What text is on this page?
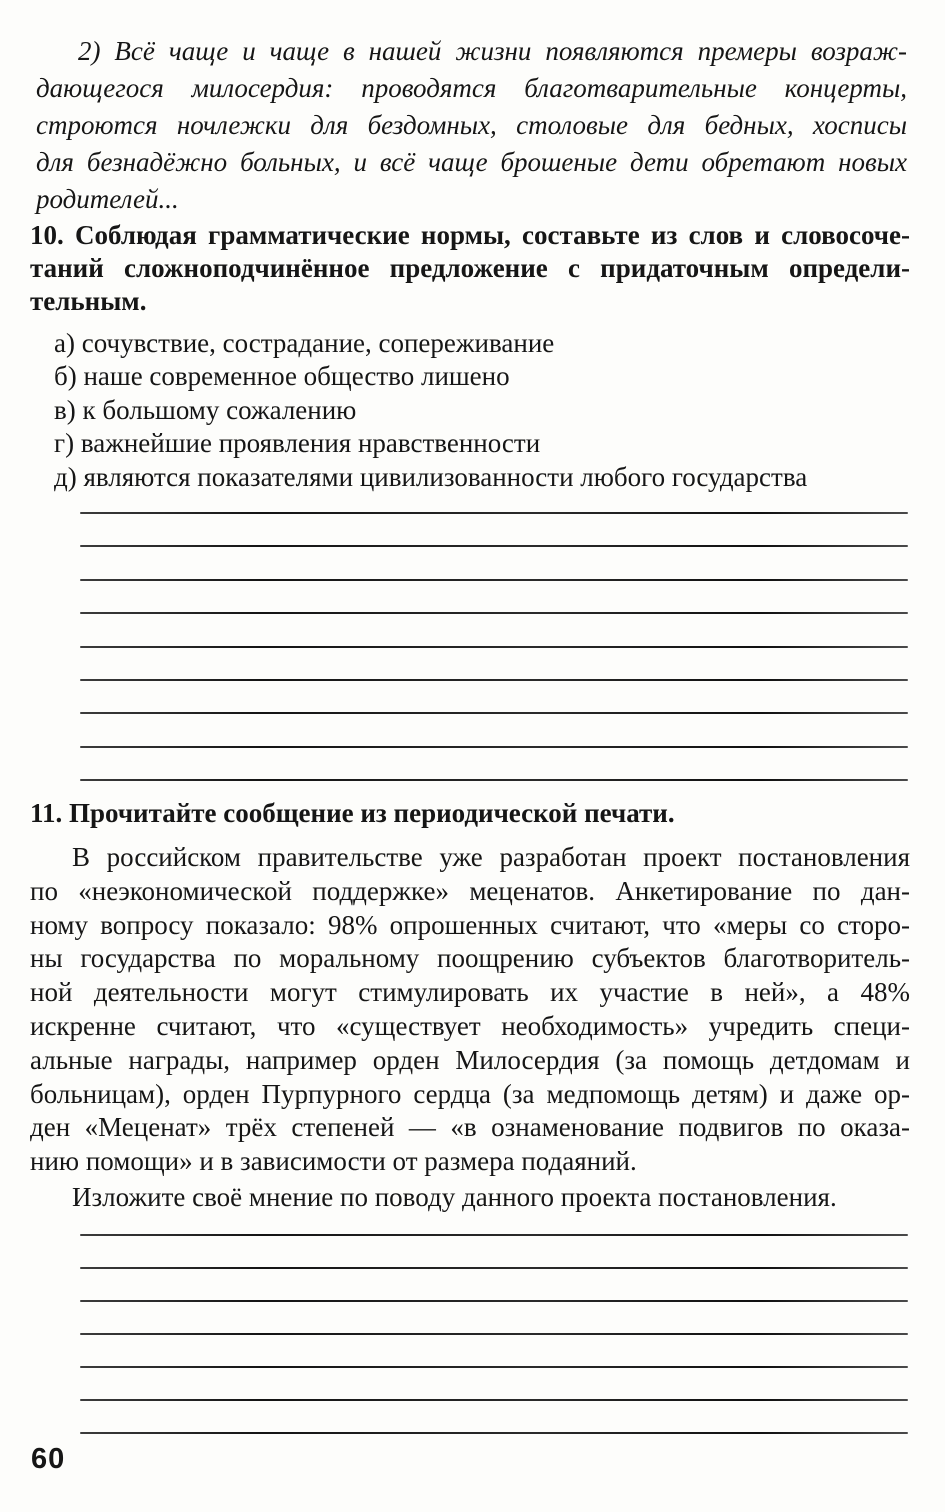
2) Всё чаще и чаще в нашей жизни появляются премеры возраж-
дающегося милосердия: проводятся благотварительные концерты,
строются ночлежки для бездомных, столовые для бедных, хосписы
для безнадёжно больных, и всё чаще брошеные дети обретают новых
родителей...
10. Соблюдая грамматические нормы, составьте из слов и словосоче-
таний сложноподчинённое предложение с придаточным определи-
тельным.
а) сочувствие, сострадание, сопереживание
б) наше современное общество лишено
в) к большому сожалению
г) важнейшие проявления нравственности
д) являются показателями цивилизованности любого государства
11. Прочитайте сообщение из периодической печати.
В российском правительстве уже разработан проект постановления
по «неэкономической поддержке» меценатов. Анкетирование по дан-
ному вопросу показало: 98% опрошенных считают, что «меры со сторо-
ны государства по моральному поощрению субъектов благотворитель-
ной деятельности могут стимулировать их участие в ней», а 48%
искренне считают, что «существует необходимость» учредить специ-
альные награды, например орден Милосердия (за помощь детдомам и
больницам), орден Пурпурного сердца (за медпомощь детям) и даже ор-
ден «Меценат» трёх степеней — «в ознаменование подвигов по оказа-
нию помощи» и в зависимости от размера подаяний.
Изложите своё мнение по поводу данного проекта постановления.
60
